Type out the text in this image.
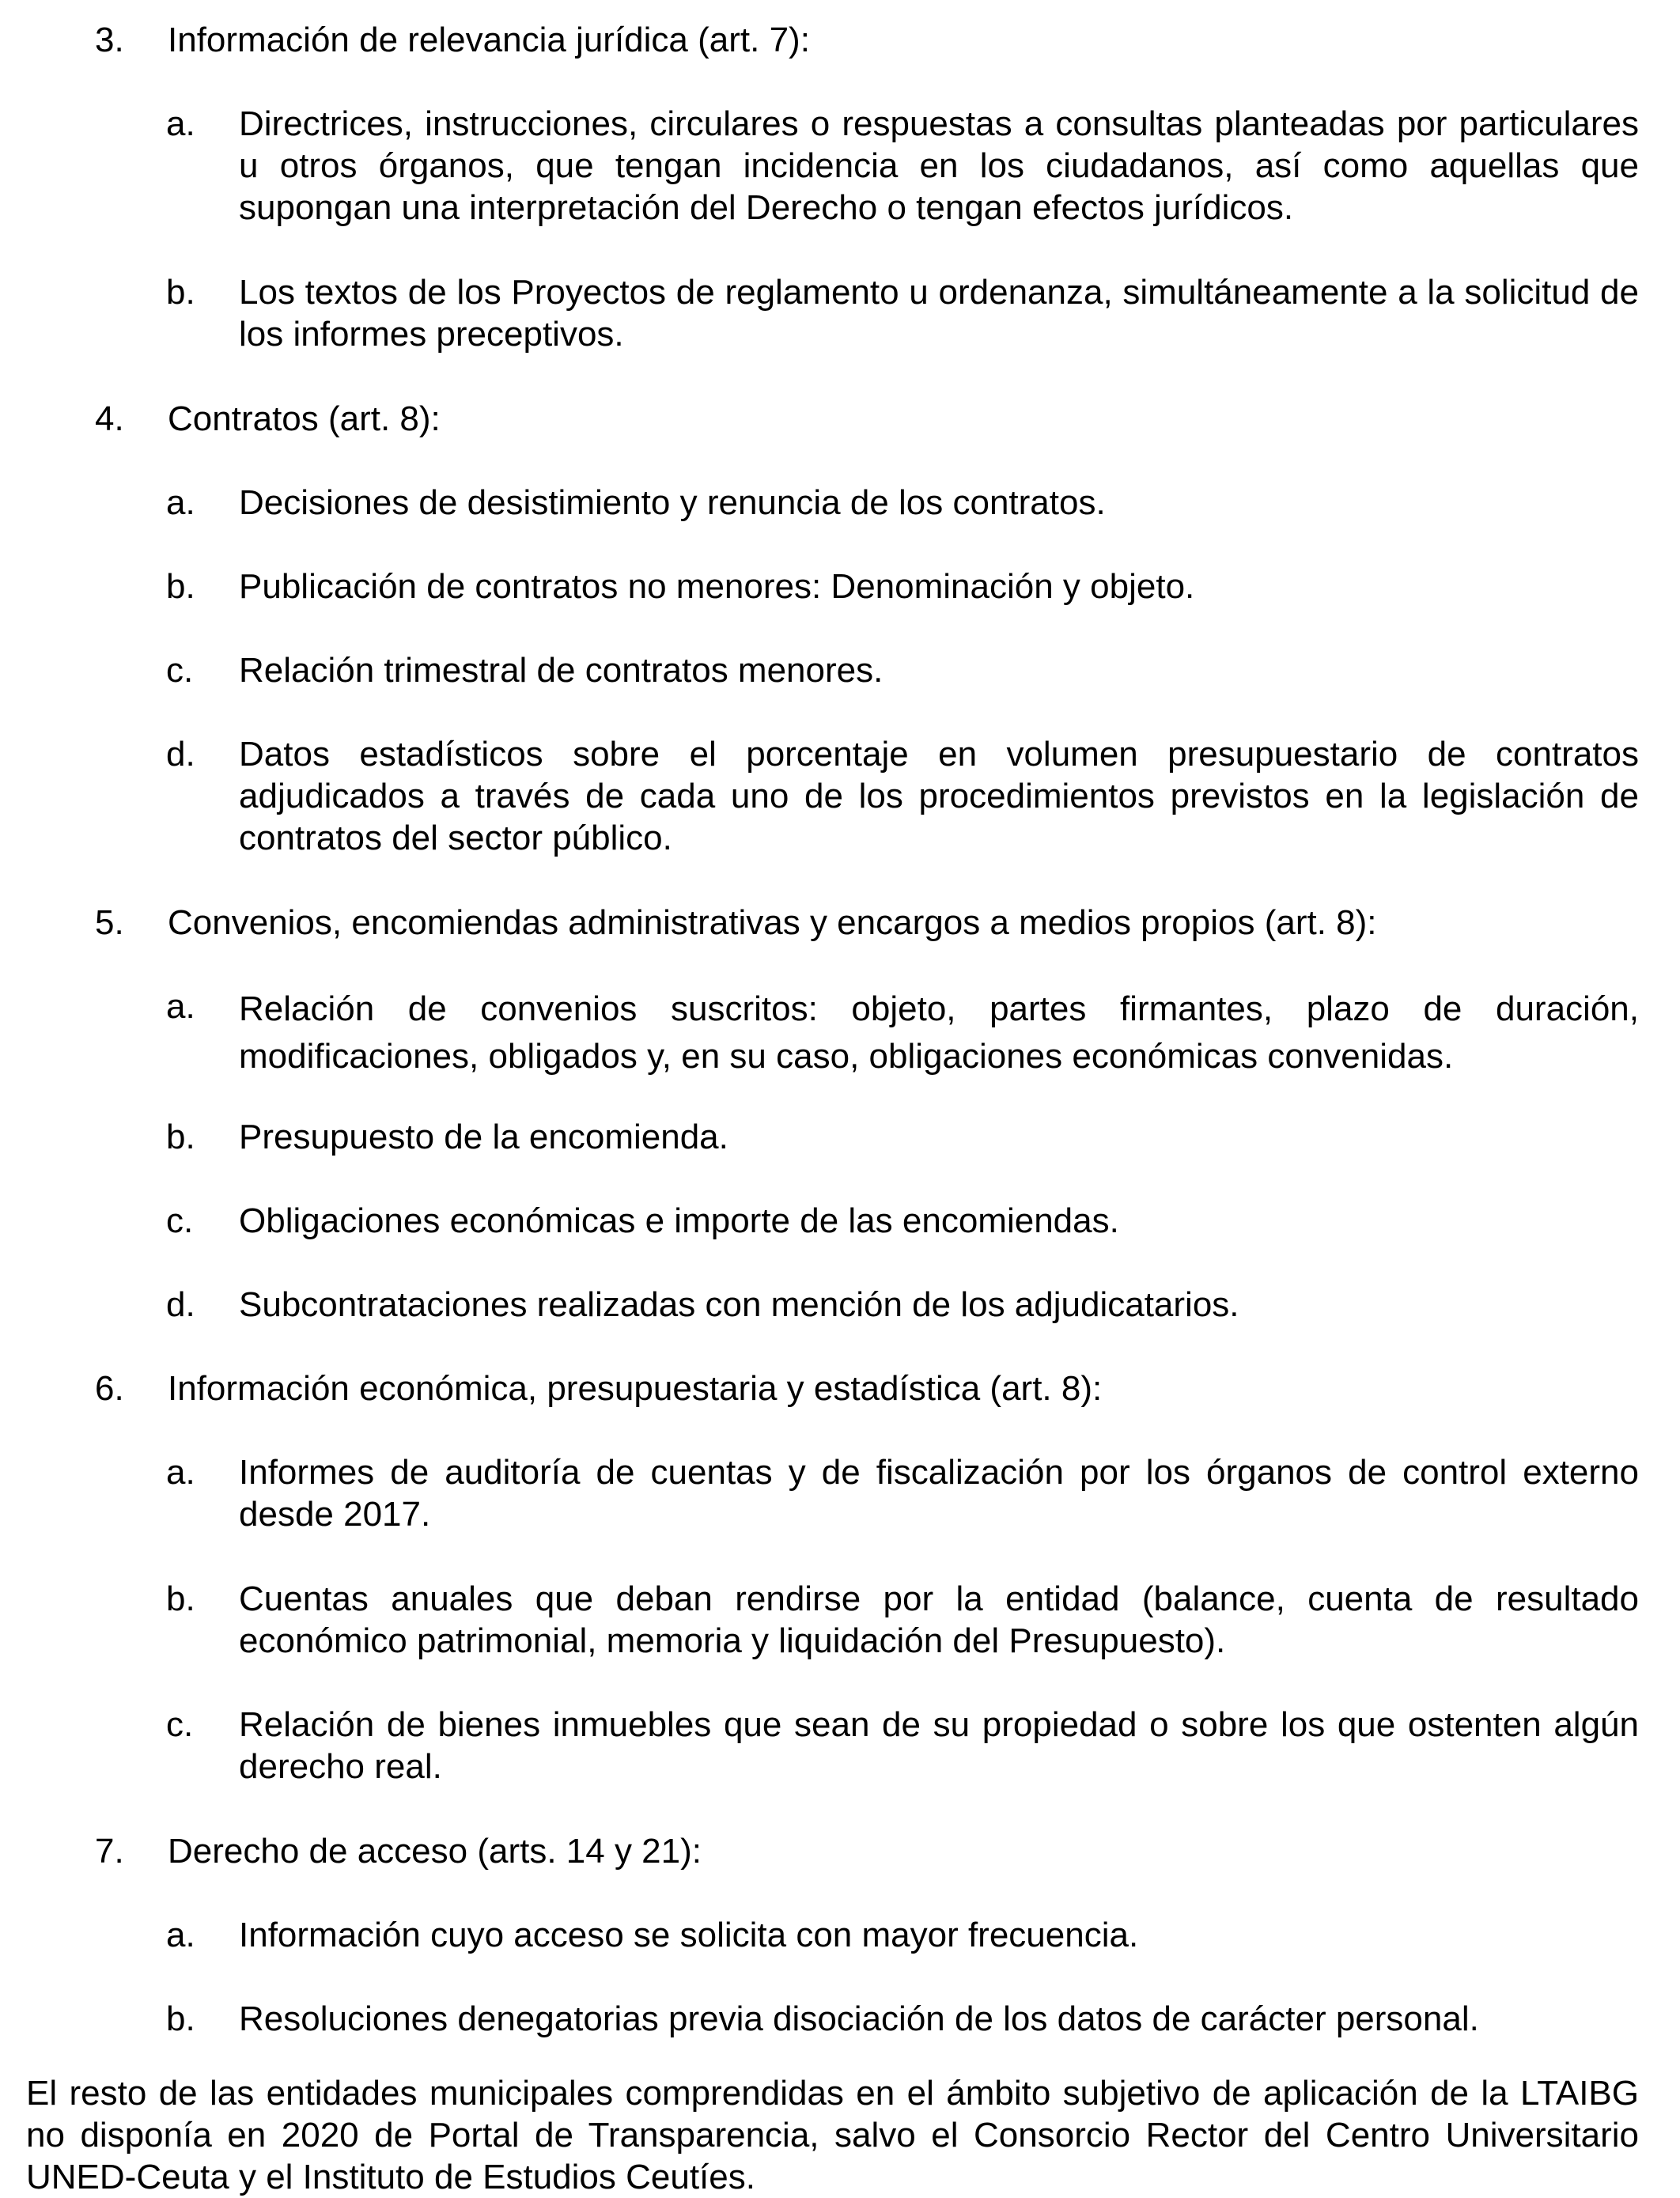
3.	Información de relevancia jurídica (art. 7):
a.	Directrices, instrucciones, circulares o respuestas a consultas planteadas por particulares u otros órganos, que tengan incidencia en los ciudadanos, así como aquellas que supongan una interpretación del Derecho o tengan efectos jurídicos.
b.	Los textos de los Proyectos de reglamento u ordenanza, simultáneamente a la solicitud de los informes preceptivos.
4.	Contratos (art. 8):
a.	Decisiones de desistimiento y renuncia de los contratos.
b.	Publicación de contratos no menores: Denominación y objeto.
c.	Relación trimestral de contratos menores.
d.	Datos estadísticos sobre el porcentaje en volumen presupuestario de contratos adjudicados a través de cada uno de los procedimientos previstos en la legislación de contratos del sector público.
5.	Convenios, encomiendas administrativas y encargos a medios propios (art. 8):
a.	Relación de convenios suscritos: objeto, partes firmantes, plazo de duración, modificaciones, obligados y, en su caso, obligaciones económicas convenidas.
b.	Presupuesto de la encomienda.
c.	Obligaciones económicas e importe de las encomiendas.
d.	Subcontrataciones realizadas con mención de los adjudicatarios.
6.	Información económica, presupuestaria y estadística (art. 8):
a.	Informes de auditoría de cuentas y de fiscalización por los órganos de control externo desde 2017.
b.	Cuentas anuales que deban rendirse por la entidad (balance, cuenta de resultado económico patrimonial, memoria y liquidación del Presupuesto).
c.	Relación de bienes inmuebles que sean de su propiedad o sobre los que ostenten algún derecho real.
7.	Derecho de acceso (arts. 14 y 21):
a.	Información cuyo acceso se solicita con mayor frecuencia.
b.	Resoluciones denegatorias previa disociación de los datos de carácter personal.
El resto de las entidades municipales comprendidas en el ámbito subjetivo de aplicación de la LTAIBG no disponía en 2020 de Portal de Transparencia, salvo el Consorcio Rector del Centro Universitario UNED-Ceuta y el Instituto de Estudios Ceutíes.
